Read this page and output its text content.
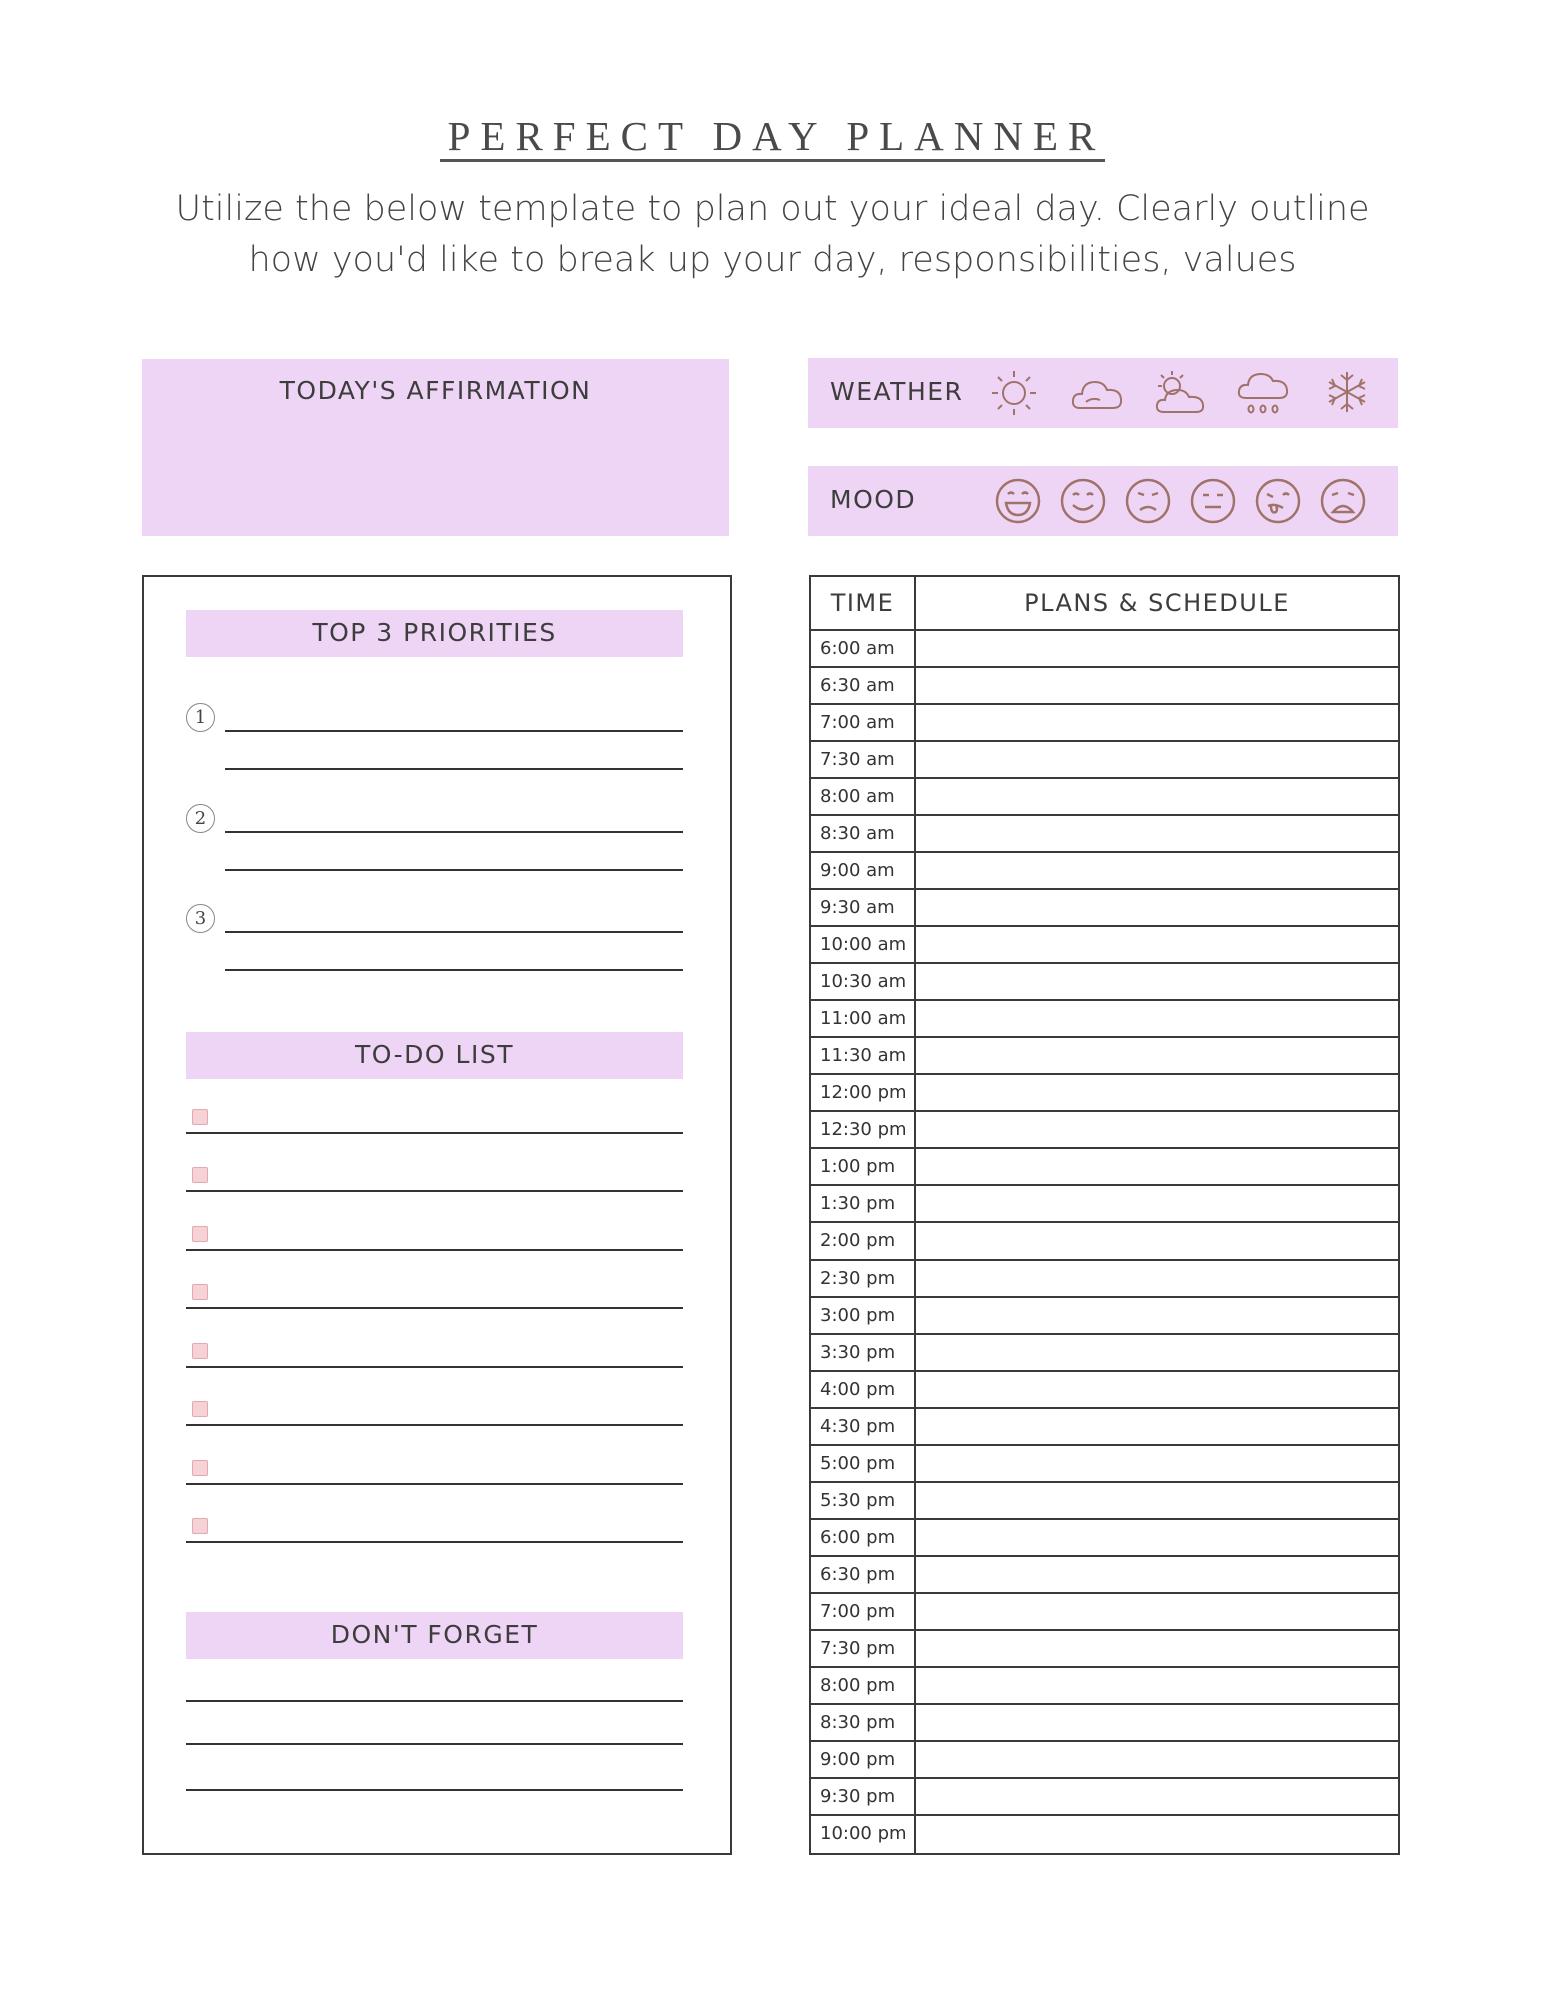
PERFECT DAY PLANNER
Utilize the below template to plan out your ideal day. Clearly outline
how you'd like to break up your day, responsibilities, values
TODAY'S AFFIRMATION	WEATHER
MOOD
TOP 3 PRIORITIES
1
2
3
TO-DO LIST
DON'T FORGET
TIME	PLANS & SCHEDULE
6:00 am
6:30 am
7:00 am
7:30 am
8:00 am
8:30 am
9:00 am
9:30 am
10:00 am
10:30 am
11:00 am
11:30 am
12:00 pm
12:30 pm
1:00 pm
1:30 pm
2:00 pm
2:30 pm
3:00 pm
3:30 pm
4:00 pm
4:30 pm
5:00 pm
5:30 pm
6:00 pm
6:30 pm
7:00 pm
7:30 pm
8:00 pm
8:30 pm
9:00 pm
9:30 pm
10:00 pm
